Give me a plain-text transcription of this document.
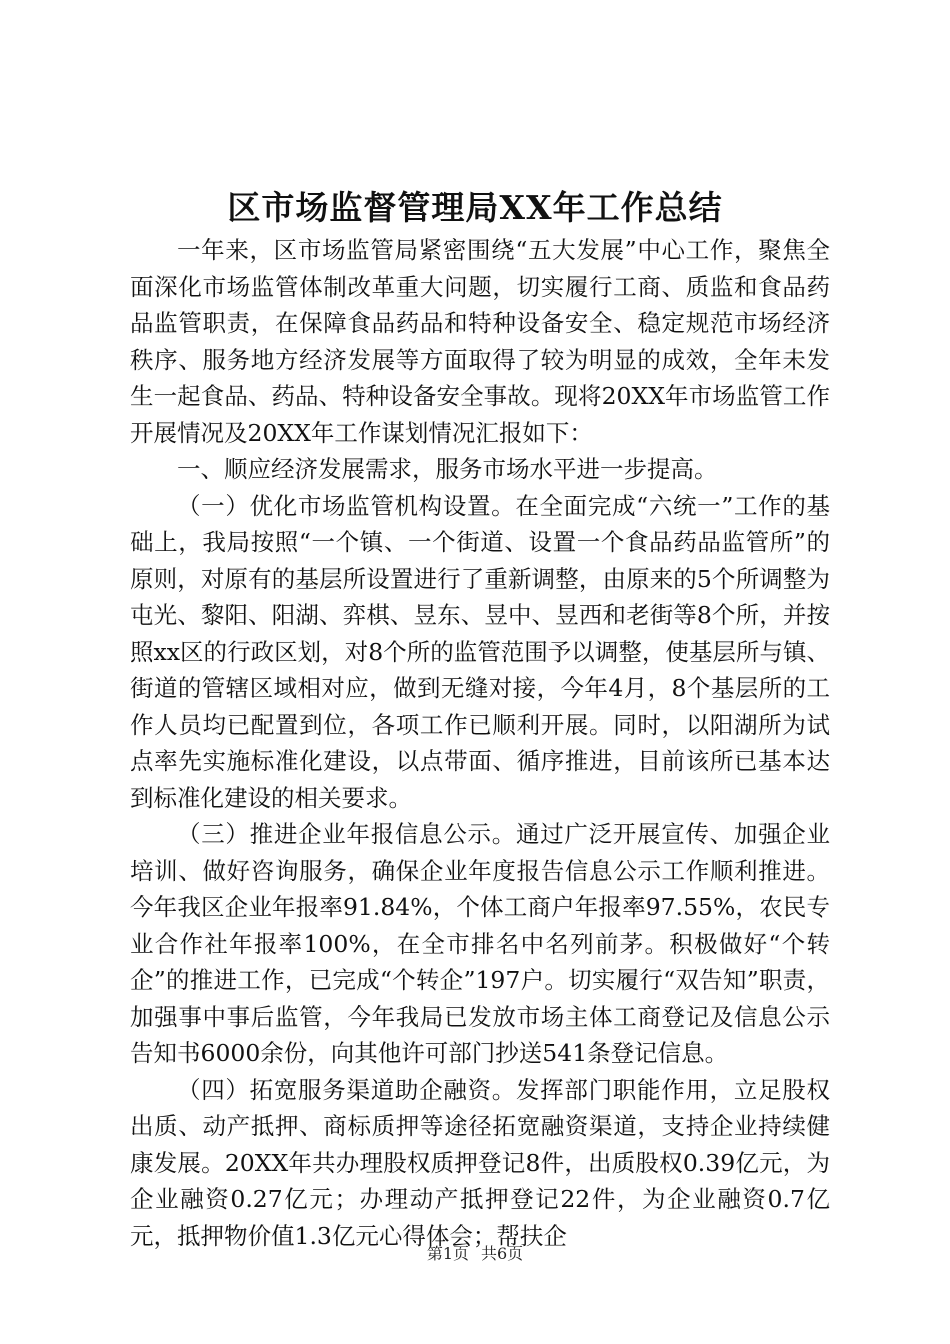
区市场监督管理局XX年工作总结

一年来，区市场监管局紧密围绕“五大发展”中心工作，聚焦全面深化市场监管体制改革重大问题，切实履行工商、质监和食品药品监管职责，在保障食品药品和特种设备安全、稳定规范市场经济秩序、服务地方经济发展等方面取得了较为明显的成效，全年未发生一起食品、药品、特种设备安全事故。现将20XX年市场监管工作开展情况及20XX年工作谋划情况汇报如下：

一、顺应经济发展需求，服务市场水平进一步提高。

（一）优化市场监管机构设置。在全面完成“六统一”工作的基础上，我局按照“一个镇、一个街道、设置一个食品药品监管所”的原则，对原有的基层所设置进行了重新调整，由原来的5个所调整为屯光、黎阳、阳湖、弈棋、昱东、昱中、昱西和老街等8个所，并按照xx区的行政区划，对8个所的监管范围予以调整，使基层所与镇、街道的管辖区域相对应，做到无缝对接，今年4月，8个基层所的工作人员均已配置到位，各项工作已顺利开展。同时，以阳湖所为试点率先实施标准化建设，以点带面、循序推进，目前该所已基本达到标准化建设的相关要求。

（三）推进企业年报信息公示。通过广泛开展宣传、加强企业培训、做好咨询服务，确保企业年度报告信息公示工作顺利推进。今年我区企业年报率91.84%，个体工商户年报率97.55%，农民专业合作社年报率100%，在全市排名中名列前茅。积极做好“个转企”的推进工作，已完成“个转企”197户。切实履行“双告知”职责，加强事中事后监管，今年我局已发放市场主体工商登记及信息公示告知书6000余份，向其他许可部门抄送541条登记信息。

（四）拓宽服务渠道助企融资。发挥部门职能作用，立足股权出质、动产抵押、商标质押等途径拓宽融资渠道，支持企业持续健康发展。20XX年共办理股权质押登记8件，出质股权0.39亿元，为企业融资0.27亿元；办理动产抵押登记22件，为企业融资0.7亿元，抵押物价值1.3亿元心得体会；帮扶企

第1页 共6页
